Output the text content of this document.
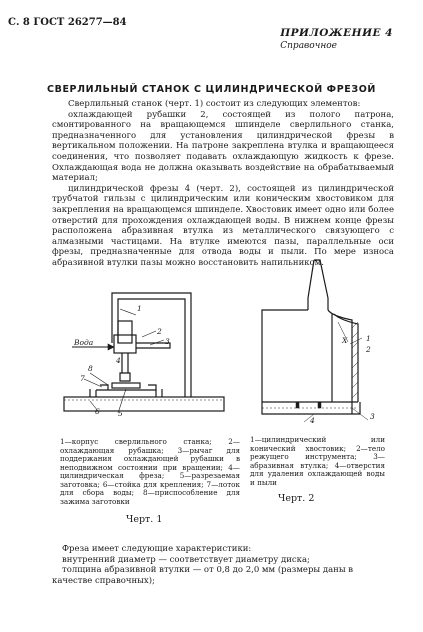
С. 8 ГОСТ 26277—84
ПРИЛОЖЕНИЕ 4
Справочное
СВЕРЛИЛЬНЫЙ СТАНОК С ЦИЛИНДРИЧЕСКОЙ ФРЕЗОЙ

Сверлильный станок (черт. 1) состоит из следующих элементов:

охлаждающей рубашки 2, состоящей из полого патрона, смонтированного на вращающемся шпинделе сверлильного станка, предназначенного для установления цилиндрической фрезы в вертикальном положении. На патроне закреплена втулка и вращающееся соединения, что позволяет подавать охлаждающую жидкость к фрезе. Охлаждающая вода не должна оказывать воздействие на обрабатываемый материал;

цилиндрической фрезы 4 (черт. 2), состоящей из цилиндрической трубчатой гильзы с цилиндрическим или коническим хвостовиком для закрепления на вращающемся шпинделе. Хвостовик имеет одно или более отверстий для прохождения охлаждающей воды. В нижнем конце фрезы расположена абразивная втулка из металлического связующего с алмазными частицами. На втулке имеются пазы, параллельные оси фрезы, предназначенные для отвода воды и пыли. По мере износа абразивной втулки пазы можно восстановить напильником.

Вода
1
2
3
4
5
6
7
8
1—корпус сверлильного станка; 2—охлаждающая рубашка; 3—рычаг для поддержания охлаждающей рубашки в неподвижном состоянии при вращении; 4—цилиндрическая фреза; 5—разрезаемая заготовка; 6—стойка для крепления; 7—лоток для сбора воды; 8—приспособление для зажима заготовки
Черт. 1
X 1
2
3
4
1—цилиндрический или конический хвостовик; 2—тело режущего инструмента; 3—абразивная втулка; 4—отверстия для удаления охлаждающей воды и пыли
Черт. 2

Фреза имеет следующие характеристики:

внутренний диаметр — соответствует диаметру диска;

толщина абразивной втулки — от 0,8 до 2,0 мм (размеры даны в качестве справочных);
